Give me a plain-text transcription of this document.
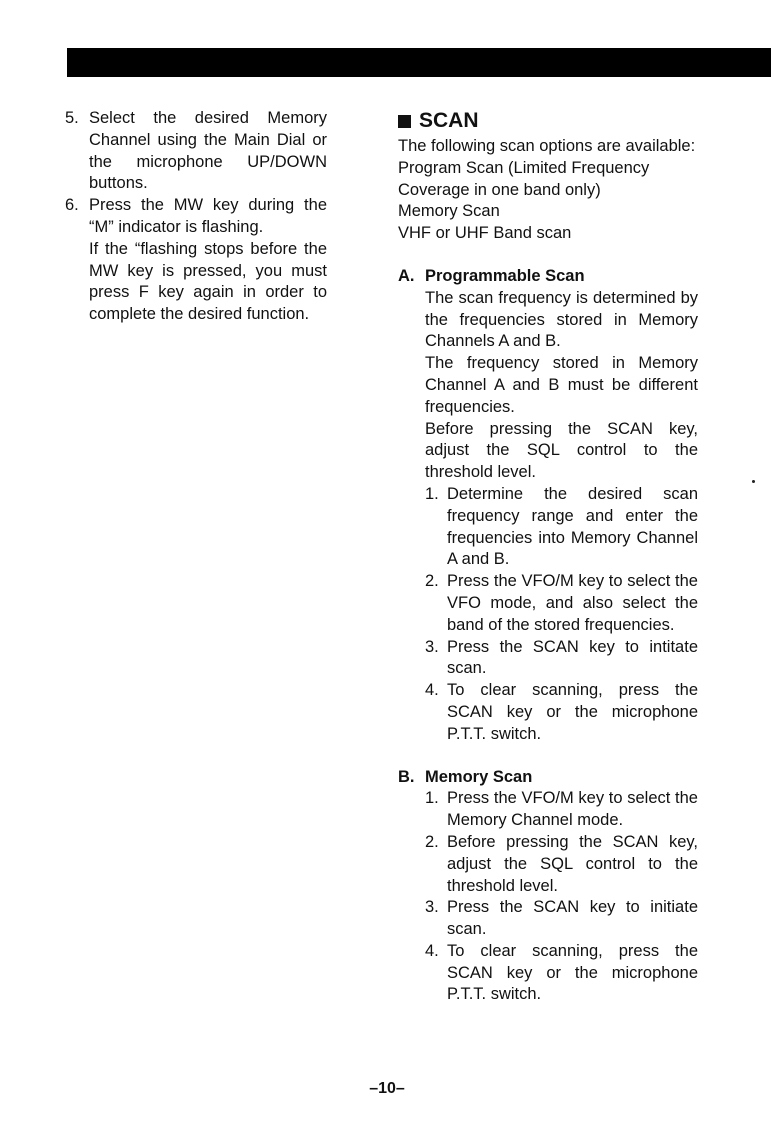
5. Select the desired Memory Channel using the Main Dial or the microphone UP/DOWN buttons.
6. Press the MW key during the “M” indicator is flashing.
If the “flashing stops before the MW key is pressed, you must press F key again in order to complete the desired function.
SCAN
The following scan options are available:
Program Scan (Limited Frequency Coverage in one band only)
Memory Scan
VHF or UHF Band scan
A. Programmable Scan
The scan frequency is determined by the frequencies stored in Memory Channels A and B.
The frequency stored in Memory Channel A and B must be different frequencies.
Before pressing the SCAN key, adjust the SQL control to the threshold level.
1. Determine the desired scan frequency range and enter the frequencies into Memory Channel A and B.
2. Press the VFO/M key to select the VFO mode, and also select the band of the stored frequencies.
3. Press the SCAN key to intitate scan.
4. To clear scanning, press the SCAN key or the microphone P.T.T. switch.
B. Memory Scan
1. Press the VFO/M key to select the Memory Channel mode.
2. Before pressing the SCAN key, adjust the SQL control to the threshold level.
3. Press the SCAN key to initiate scan.
4. To clear scanning, press the SCAN key or the microphone P.T.T. switch.
–10–
